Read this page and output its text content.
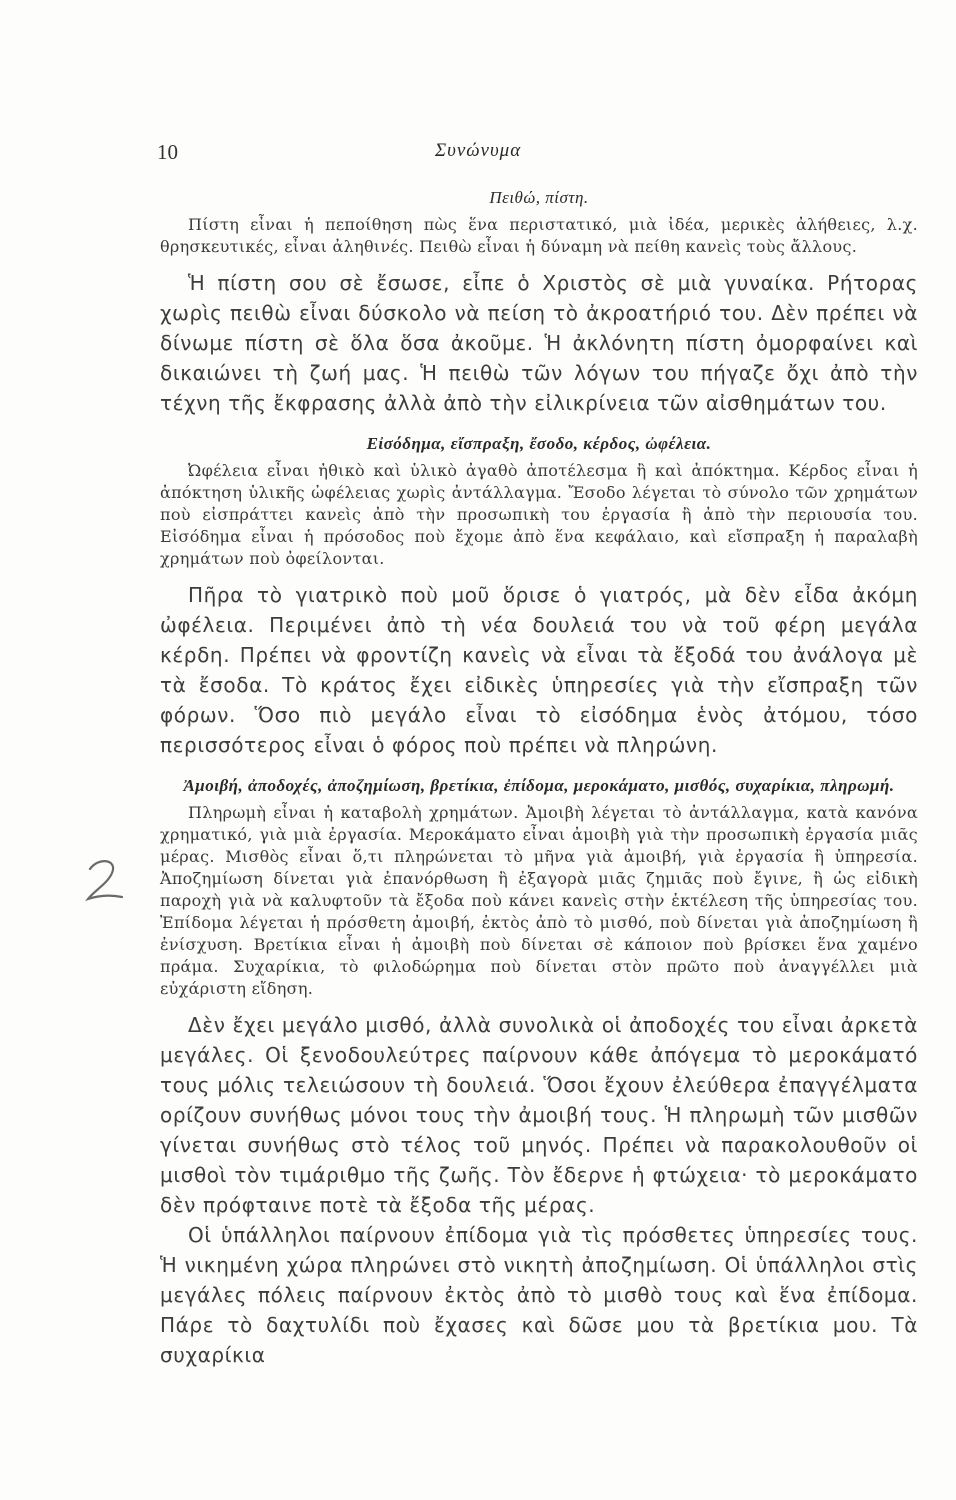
10	Συνώνυμα

Πειθώ, πίστη.

Πίστη εἶναι ἡ πεποίθηση πὼς ἕνα περιστατικό, μιὰ ἰδέα, μερικὲς ἀλήθειες, λ.χ. θρησκευτικές, εἶναι ἀληθινές. Πειθὼ εἶναι ἡ δύναμη νὰ πείθη κανεὶς τοὺς ἄλλους.

Ἡ πίστη σου σὲ ἔσωσε, εἶπε ὁ Χριστὸς σὲ μιὰ γυναίκα. Ρήτορας χωρὶς πειθὼ εἶναι δύσκολο νὰ πείση τὸ ἀκροατήριό του. Δὲν πρέπει νὰ δίνωμε πίστη σὲ ὅλα ὅσα ἀκοῦμε. Ἡ ἀκλόνητη πίστη ὀμορφαίνει καὶ δικαιώνει τὴ ζωή μας. Ἡ πειθὼ τῶν λόγων του πήγαζε ὄχι ἀπὸ τὴν τέχνη τῆς ἔκφρασης ἀλλὰ ἀπὸ τὴν εἰλικρίνεια τῶν αἰσθημάτων του.

Εἰσόδημα, εἴσπραξη, ἔσοδο, κέρδος, ὠφέλεια.

Ὠφέλεια εἶναι ἠθικὸ καὶ ὑλικὸ ἀγαθὸ ἀποτέλεσμα ἢ καὶ ἀπόκτημα. Κέρδος εἶναι ἡ ἀπόκτηση ὑλικῆς ὠφέλειας χωρὶς ἀντάλλαγμα. Ἔσοδο λέγεται τὸ σύνολο τῶν χρημάτων ποὺ εἰσπράττει κανεὶς ἀπὸ τὴν προσωπικὴ του ἐργασία ἢ ἀπὸ τὴν περιουσία του. Εἰσόδημα εἶναι ἡ πρόσοδος ποὺ ἔχομε ἀπὸ ἕνα κεφάλαιο, καὶ εἴσπραξη ἡ παραλαβὴ χρημάτων ποὺ ὀφείλονται.

Πῆρα τὸ γιατρικὸ ποὺ μοῦ ὅρισε ὁ γιατρός, μὰ δὲν εἶδα ἀκόμη ὠφέλεια. Περιμένει ἀπὸ τὴ νέα δουλειά του νὰ τοῦ φέρη μεγάλα κέρδη. Πρέπει νὰ φροντίζη κανεὶς νὰ εἶναι τὰ ἔξοδά του ἀνάλογα μὲ τὰ ἔσοδα. Τὸ κράτος ἔχει εἰδικὲς ὑπηρεσίες γιὰ τὴν εἴσπραξη τῶν φόρων. Ὅσο πιὸ μεγάλο εἶναι τὸ εἰσόδημα ἑνὸς ἀτόμου, τόσο περισσότερος εἶναι ὁ φόρος ποὺ πρέπει νὰ πληρώνη.

Ἀμοιβή, ἀποδοχές, ἀποζημίωση, βρετίκια, ἐπίδομα, μεροκάματο, μισθός, συχαρίκια, πληρωμή.

Πληρωμὴ εἶναι ἡ καταβολὴ χρημάτων. Ἀμοιβὴ λέγεται τὸ ἀντάλλαγμα, κατὰ κανόνα χρηματικό, γιὰ μιὰ ἐργασία. Μεροκάματο εἶναι ἀμοιβὴ γιὰ τὴν προσωπικὴ ἐργασία μιᾶς μέρας. Μισθὸς εἶναι ὅ,τι πληρώνεται τὸ μῆνα γιὰ ἀμοιβή, γιὰ ἐργασία ἢ ὑπηρεσία. Ἀποζημίωση δίνεται γιὰ ἐπανόρθωση ἢ ἐξαγορὰ μιᾶς ζημιᾶς ποὺ ἔγινε, ἢ ὡς εἰδικὴ παροχὴ γιὰ νὰ καλυφτοῦν τὰ ἔξοδα ποὺ κάνει κανεὶς στὴν ἐκτέλεση τῆς ὑπηρεσίας του. Ἐπίδομα λέγεται ἡ πρόσθετη ἀμοιβή, ἐκτὸς ἀπὸ τὸ μισθό, ποὺ δίνεται γιὰ ἀποζημίωση ἢ ἐνίσχυση. Βρετίκια εἶναι ἡ ἀμοιβὴ ποὺ δίνεται σὲ κάποιον ποὺ βρίσκει ἕνα χαμένο πράμα. Συχαρίκια, τὸ φιλοδώρημα ποὺ δίνεται στὸν πρῶτο ποὺ ἀναγγέλλει μιὰ εὐχάριστη εἴδηση.

Δὲν ἔχει μεγάλο μισθό, ἀλλὰ συνολικὰ οἱ ἀποδοχές του εἶναι ἀρκετὰ μεγάλες. Οἱ ξενοδουλεύτρες παίρνουν κάθε ἀπόγεμα τὸ μεροκάματό τους μόλις τελειώσουν τὴ δουλειά. Ὅσοι ἔχουν ἐλεύθερα ἐπαγγέλματα ορίζουν συνήθως μόνοι τους τὴν ἀμοιβή τους. Ἡ πληρωμὴ τῶν μισθῶν γίνεται συνήθως στὸ τέλος τοῦ μηνός. Πρέπει νὰ παρακολουθοῦν οἱ μισθοὶ τὸν τιμάριθμο τῆς ζωῆς. Τὸν ἔδερνε ἡ φτώχεια· τὸ μεροκάματο δὲν πρόφταινε ποτὲ τὰ ἔξοδα τῆς μέρας.

Οἱ ὑπάλληλοι παίρνουν ἐπίδομα γιὰ τὶς πρόσθετες ὑπηρεσίες τους. Ἡ νικημένη χώρα πληρώνει στὸ νικητὴ ἀποζημίωση. Οἱ ὑπάλληλοι στὶς μεγάλες πόλεις παίρνουν ἐκτὸς ἀπὸ τὸ μισθὸ τους καὶ ἕνα ἐπίδομα. Πάρε τὸ δαχτυλίδι ποὺ ἔχασες καὶ δῶσε μου τὰ βρετίκια μου. Τὰ συχαρίκια
